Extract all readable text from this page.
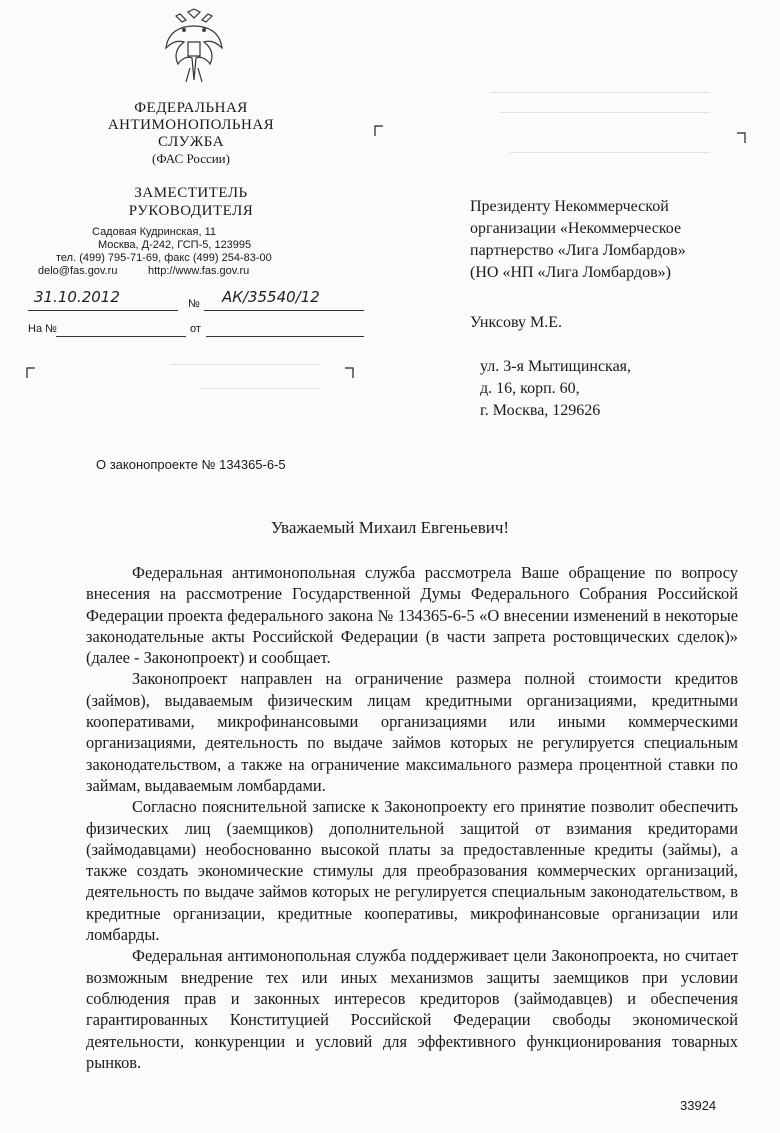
ФЕДЕРАЛЬНАЯ
АНТИМОНОПОЛЬНАЯ
СЛУЖБА
(ФАС России)
ЗАМЕСТИТЕЛЬ
РУКОВОДИТЕЛЯ
Садовая Кудринская, 11
Москва, Д-242, ГСП-5, 123995
тел. (499) 795-71-69, факс (499) 254-83-00
delo@fas.gov.ru          http://www.fas.gov.ru
31.10.2012	№ АК/35540/12
На №	от
Президенту Некоммерческой
организации «Некоммерческое
партнерство «Лига Ломбардов»
(НО «НП «Лига Ломбардов»)
Унксову М.Е.
ул. 3-я Мытищинская,
д. 16, корп. 60,
г. Москва, 129626
О законопроекте № 134365-6-5
Уважаемый Михаил Евгеньевич!

Федеральная антимонопольная служба рассмотрела Ваше обращение по вопросу внесения на рассмотрение Государственной Думы Федерального Собрания Российской Федерации проекта федерального закона № 134365-6-5 «О внесении изменений в некоторые законодательные акты Российской Федерации (в части запрета ростовщических сделок)» (далее - Законопроект) и сообщает.

Законопроект направлен на ограничение размера полной стоимости кредитов (займов), выдаваемым физическим лицам кредитными организациями, кредитными кооперативами, микрофинансовыми организациями или иными коммерческими организациями, деятельность по выдаче займов которых не регулируется специальным законодательством, а также на ограничение максимального размера процентной ставки по займам, выдаваемым ломбардами.

Согласно пояснительной записке к Законопроекту его принятие позволит обеспечить физических лиц (заемщиков) дополнительной защитой от взимания кредиторами (займодавцами) необоснованно высокой платы за предоставленные кредиты (займы), а также создать экономические стимулы для преобразования коммерческих организаций, деятельность по выдаче займов которых не регулируется специальным законодательством, в кредитные организации, кредитные кооперативы, микрофинансовые организации или ломбарды.

Федеральная антимонопольная служба поддерживает цели Законопроекта, но считает возможным внедрение тех или иных механизмов защиты заемщиков при условии соблюдения прав и законных интересов кредиторов (займодавцев) и обеспечения гарантированных Конституцией Российской Федерации свободы экономической деятельности, конкуренции и условий для эффективного функционирования товарных рынков.

33924
